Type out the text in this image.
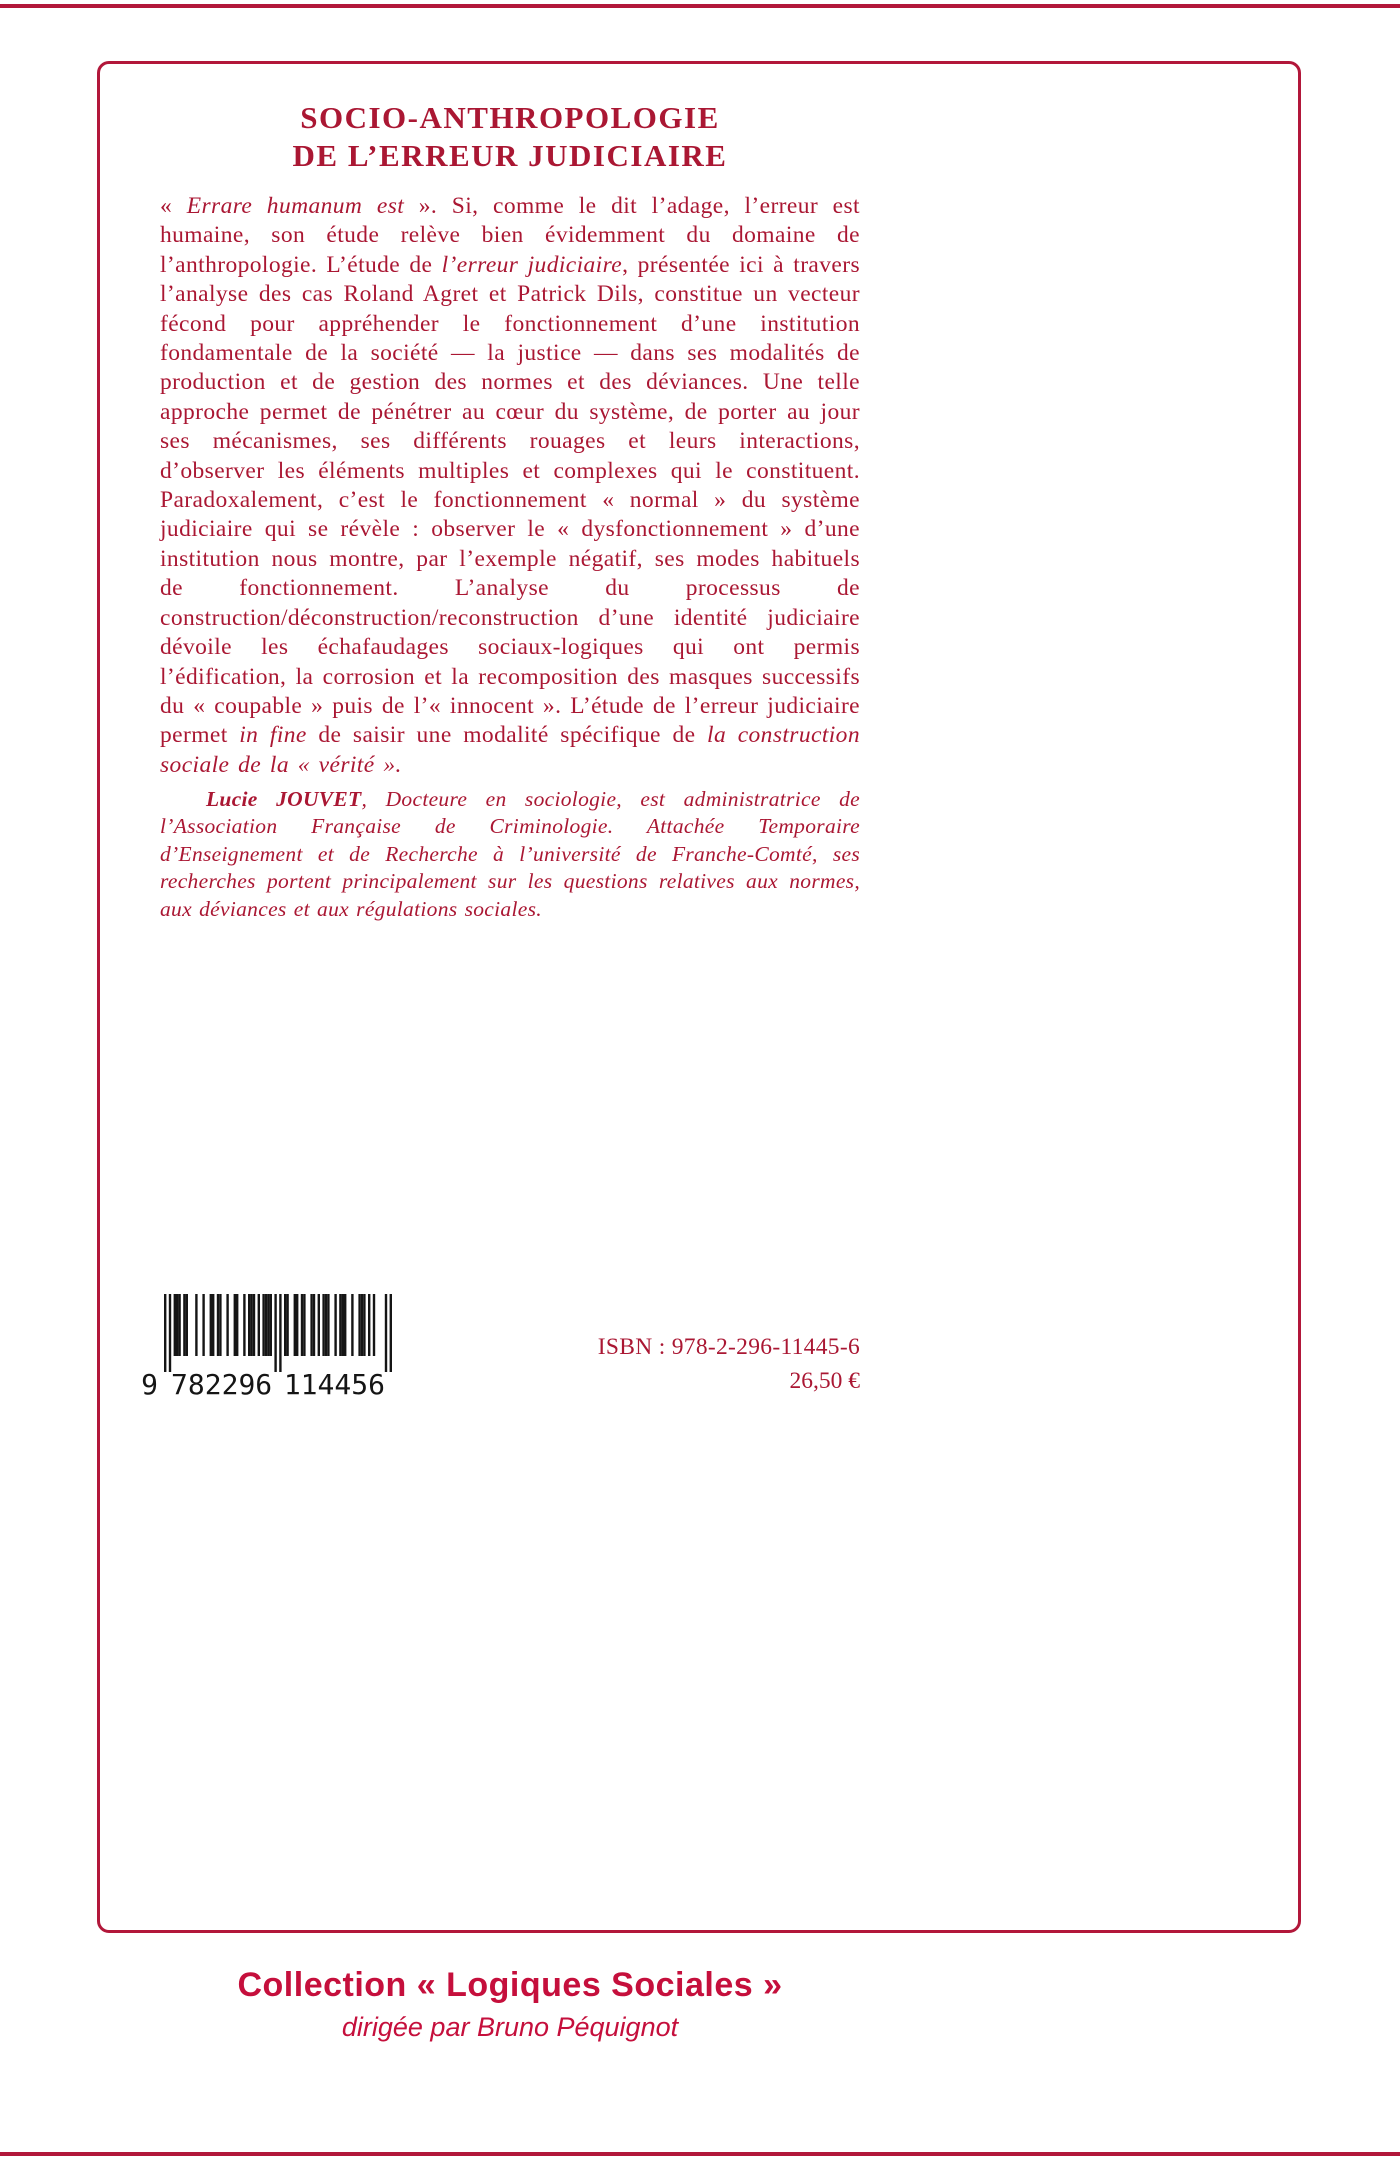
SOCIO-ANTHROPOLOGIE
DE L’ERREUR JUDICIAIRE

« Errare humanum est ». Si, comme le dit l’adage, l’erreur est humaine, son étude relève bien évidemment du domaine de l’anthropologie. L’étude de l’erreur judiciaire, présentée ici à travers l’analyse des cas Roland Agret et Patrick Dils, constitue un vecteur fécond pour appréhender le fonctionnement d’une institution fondamentale de la société — la justice — dans ses modalités de production et de gestion des normes et des déviances. Une telle approche permet de pénétrer au cœur du système, de porter au jour ses mécanismes, ses différents rouages et leurs interactions, d’observer les éléments multiples et complexes qui le constituent. Paradoxalement, c’est le fonctionnement « normal » du système judiciaire qui se révèle : observer le « dysfonctionnement » d’une institution nous montre, par l’exemple négatif, ses modes habituels de fonctionnement. L’analyse du processus de construction/déconstruction/reconstruction d’une identité judiciaire dévoile les échafaudages sociaux-logiques qui ont permis l’édification, la corrosion et la recomposition des masques successifs du « coupable » puis de l’« innocent ». L’étude de l’erreur judiciaire permet in fine de saisir une modalité spécifique de la construction sociale de la « vérité ».

Lucie JOUVET, Docteure en sociologie, est administratrice de l’Association Française de Criminologie. Attachée Temporaire d’Enseignement et de Recherche à l’université de Franche-Comté, ses recherches portent principalement sur les questions relatives aux normes, aux déviances et aux régulations sociales.

9 782296 114456
ISBN : 978-2-296-11445-6
26,50 €
Collection « Logiques Sociales »
dirigée par Bruno Péquignot
